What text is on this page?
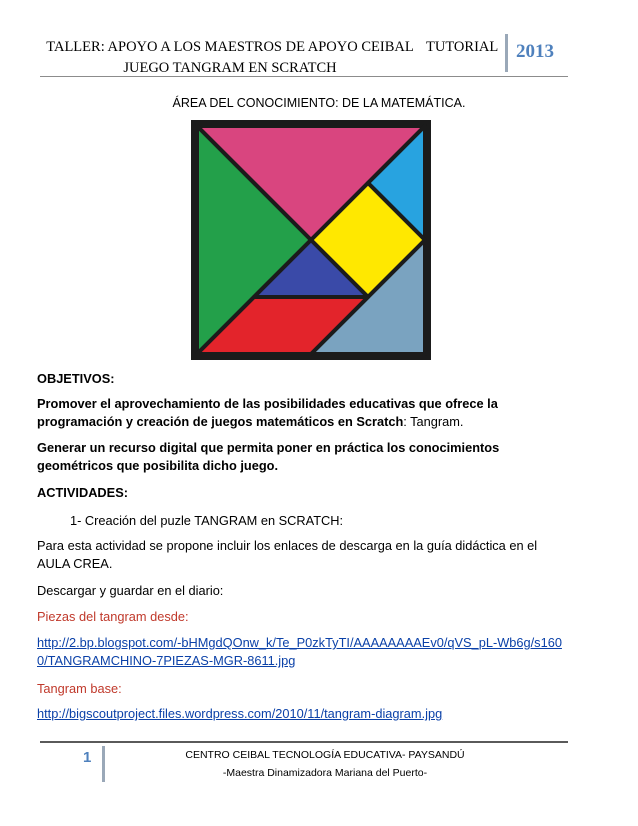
TALLER: APOYO A LOS MAESTROS DE APOYO CEIBAL
JUEGO TANGRAM EN SCRATCH
TUTORIAL 2013
ÁREA DEL CONOCIMIENTO: DE LA MATEMÁTICA.
OBJETIVOS:
Promover el aprovechamiento de las posibilidades educativas que ofrece la programación y creación de juegos matemáticos en Scratch: Tangram.
Generar un recurso digital que permita poner en práctica los conocimientos geométricos que posibilita dicho juego.
ACTIVIDADES:
1- Creación del puzle TANGRAM en SCRATCH:
Para esta actividad se propone incluir los enlaces de descarga en la guía didáctica en el AULA CREA.
Descargar y guardar en el diario:
Piezas del tangram desde:
http://2.bp.blogspot.com/-bHMgdQOnw_k/Te_P0zkTyTI/AAAAAAAAEv0/qVS_pL-Wb6g/s1600/TANGRAMCHINO-7PIEZAS-MGR-8611.jpg
Tangram base:
http://bigscoutproject.files.wordpress.com/2010/11/tangram-diagram.jpg
1	CENTRO CEIBAL TECNOLOGÍA EDUCATIVA- PAYSANDÚ
-Maestra Dinamizadora Mariana del Puerto-
